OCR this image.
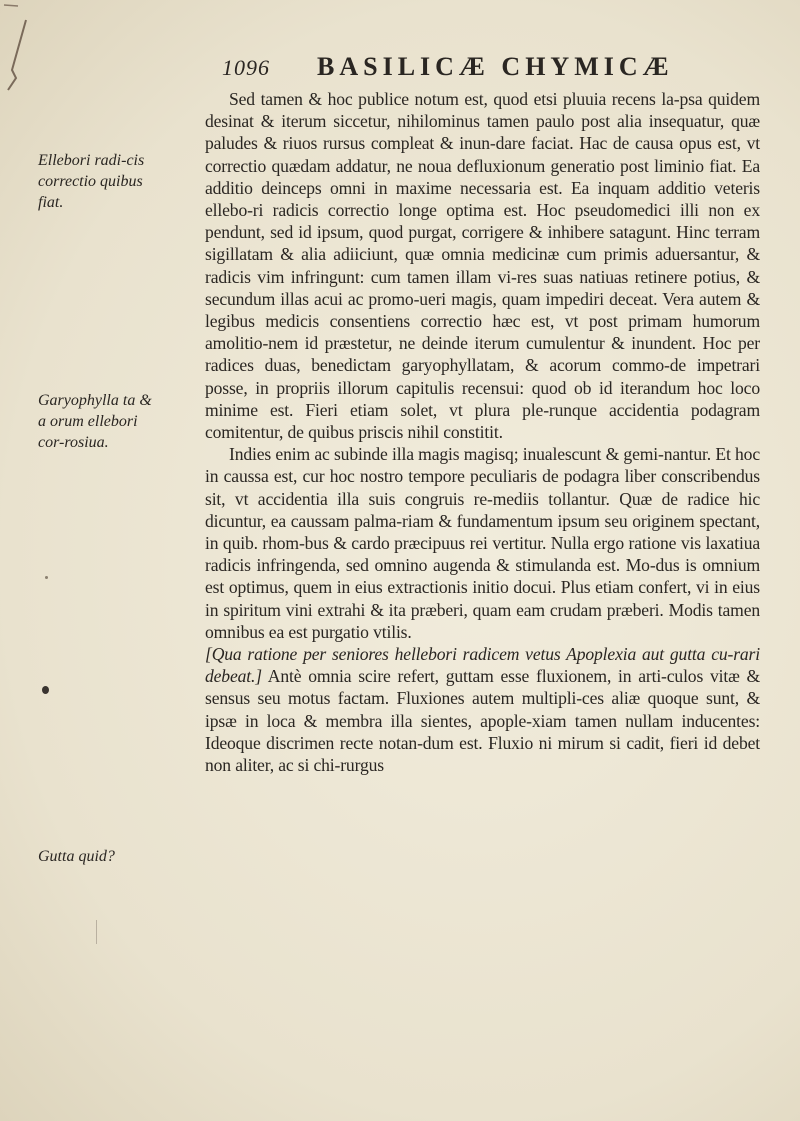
1096	BASILICÆ CHYMICÆ
Ellebori radi-cis correctio quibus fiat.
Garyophylla ta & a orum ellebori cor-rosiua.
Gutta quid?

Sed tamen & hoc publice notum est, quod etsi pluuia recens la-psa quidem desinat & iterum siccetur, nihilominus tamen paulo post alia insequatur, quæ paludes & riuos rursus compleat & inun-dare faciat. Hac de causa opus est, vt correctio quædam addatur, ne noua defluxionum generatio post liminio fiat. Ea additio deinceps omni in maxime necessaria est. Ea inquam additio veteris ellebo-ri radicis correctio longe optima est. Hoc pseudomedici illi non ex pendunt, sed id ipsum, quod purgat, corrigere & inhibere satagunt. Hinc terram sigillatam & alia adiiciunt, quæ omnia medicinæ cum primis aduersantur, & radicis vim infringunt: cum tamen illam vi-res suas natiuas retinere potius, & secundum illas acui ac promo-ueri magis, quam impediri deceat. Vera autem & legibus medicis consentiens correctio hæc est, vt post primam humorum amolitio-nem id præstetur, ne deinde iterum cumulentur & inundent. Hoc per radices duas, benedictam garyophyllatam, & acorum commo-de impetrari posse, in propriis illorum capitulis recensui: quod ob id iterandum hoc loco minime est. Fieri etiam solet, vt plura ple-runque accidentia podagram comitentur, de quibus priscis nihil constitit.

Indies enim ac subinde illa magis magisq; inualescunt & gemi-nantur. Et hoc in caussa est, cur hoc nostro tempore peculiaris de podagra liber conscribendus sit, vt accidentia illa suis congruis re-mediis tollantur. Quæ de radice hic dicuntur, ea caussam palma-riam & fundamentum ipsum seu originem spectant, in quib. rhom-bus & cardo præcipuus rei vertitur. Nulla ergo ratione vis laxatiua radicis infringenda, sed omnino augenda & stimulanda est. Mo-dus is omnium est optimus, quem in eius extractionis initio docui. Plus etiam confert, vi in eius in spiritum vini extrahi & ita præberi, quam eam crudam præberi. Modis tamen omnibus ea est purgatio vtilis.

[Qua ratione per seniores hellebori radicem vetus Apoplexia aut gutta cu-rari debeat.] Antè omnia scire refert, guttam esse fluxionem, in arti-culos vitæ & sensus seu motus factam. Fluxiones autem multipli-ces aliæ quoque sunt, & ipsæ in loca & membra illa sientes, apople-xiam tamen nullam inducentes: Ideoque discrimen recte notan-dum est. Fluxio ni mirum si cadit, fieri id debet non aliter, ac si chi-rurgus
